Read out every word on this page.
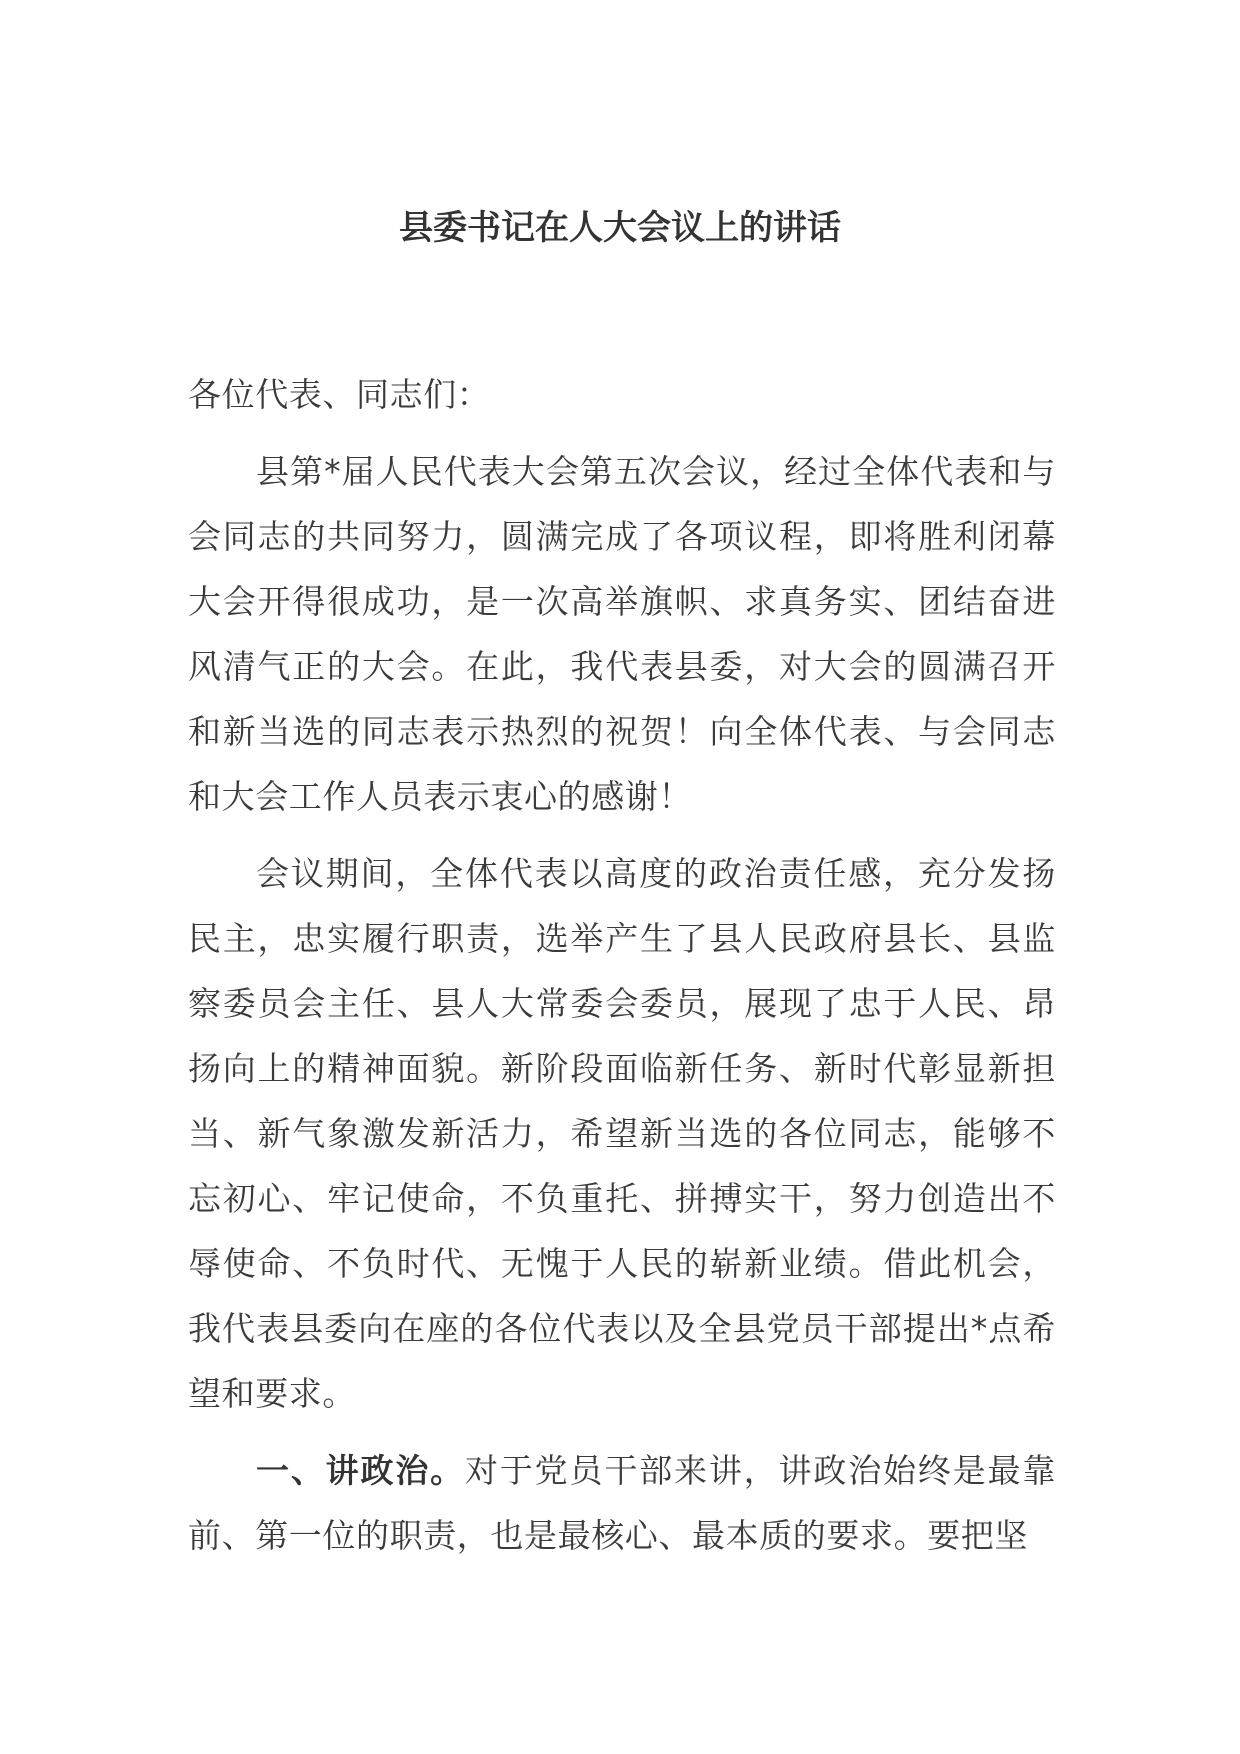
县委书记在人大会议上的讲话

各位代表、同志们：

县第*届人民代表大会第五次会议，经过全体代表和与会同志的共同努力，圆满完成了各项议程，即将胜利闭幕大会开得很成功，是一次高举旗帜、求真务实、团结奋进风清气正的大会。在此，我代表县委，对大会的圆满召开和新当选的同志表示热烈的祝贺！向全体代表、与会同志和大会工作人员表示衷心的感谢！

会议期间，全体代表以高度的政治责任感，充分发扬民主，忠实履行职责，选举产生了县人民政府县长、县监察委员会主任、县人大常委会委员，展现了忠于人民、昂扬向上的精神面貌。新阶段面临新任务、新时代彰显新担当、新气象激发新活力，希望新当选的各位同志，能够不忘初心、牢记使命，不负重托、拼搏实干，努力创造出不辱使命、不负时代、无愧于人民的崭新业绩。借此机会，我代表县委向在座的各位代表以及全县党员干部提出*点希望和要求。

一、讲政治。对于党员干部来讲，讲政治始终是最靠前、第一位的职责，也是最核心、最本质的要求。要把坚
